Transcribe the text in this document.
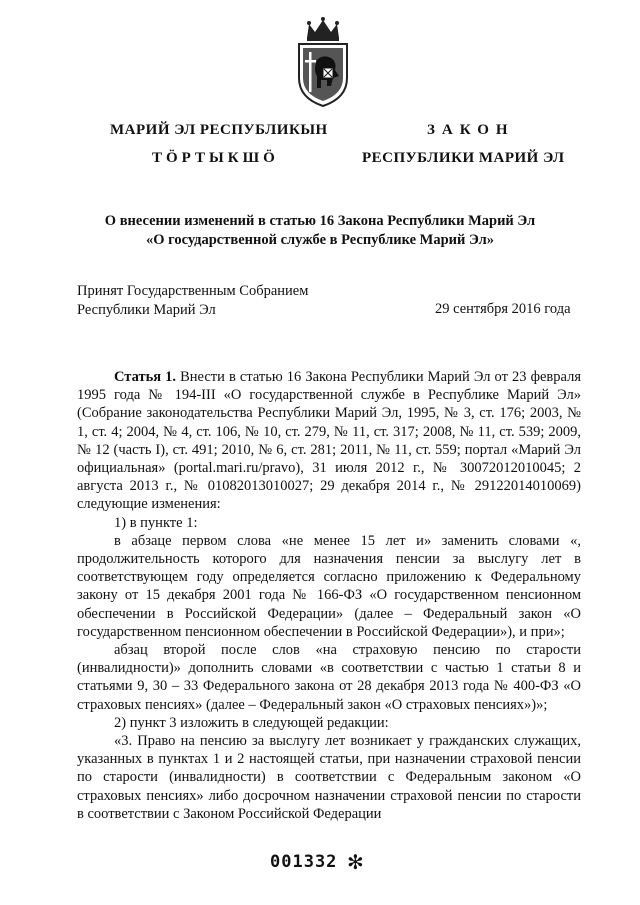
МАРИЙ ЭЛ РЕСПУБЛИКЫН
ТӦРТЫКШӦ
ЗАКОН
РЕСПУБЛИКИ МАРИЙ ЭЛ
О внесении изменений в статью 16 Закона Республики Марий Эл
«О государственной службе в Республике Марий Эл»
Принят Государственным Собранием
Республики Марий Эл	29 сентября 2016 года

Статья 1. Внести в статью 16 Закона Республики Марий Эл от 23 февраля 1995 года № 194-III «О государственной службе в Республике Марий Эл» (Собрание законодательства Республики Марий Эл, 1995, № 3, ст. 176; 2003, № 1, ст. 4; 2004, № 4, ст. 106, № 10, ст. 279, № 11, ст. 317; 2008, № 11, ст. 539; 2009, № 12 (часть I), ст. 491; 2010, № 6, ст. 281; 2011, № 11, ст. 559; портал «Марий Эл официальная» (portal.mari.ru/pravo), 31 июля 2012 г., № 30072012010045; 2 августа 2013 г., № 01082013010027; 29 декабря 2014 г., № 29122014010069) следующие изменения:

1) в пункте 1:

в абзаце первом слова «не менее 15 лет и» заменить словами «, продолжительность которого для назначения пенсии за выслугу лет в соответствующем году определяется согласно приложению к Федеральному закону от 15 декабря 2001 года № 166-ФЗ «О государственном пенсионном обеспечении в Российской Федерации» (далее – Федеральный закон «О государственном пенсионном обеспечении в Российской Федерации»), и при»;

абзац второй после слов «на страховую пенсию по старости (инвалидности)» дополнить словами «в соответствии с частью 1 статьи 8 и статьями 9, 30 – 33 Федерального закона от 28 декабря 2013 года № 400-ФЗ «О страховых пенсиях» (далее – Федеральный закон «О страховых пенсиях»)»;

2) пункт 3 изложить в следующей редакции:

«3. Право на пенсию за выслугу лет возникает у гражданских служащих, указанных в пунктах 1 и 2 настоящей статьи, при назначении страховой пенсии по старости (инвалидности) в соответствии с Федеральным законом «О страховых пенсиях» либо досрочном назначении страховой пенсии по старости в соответствии с Законом Российской Федерации

001332 ✻
